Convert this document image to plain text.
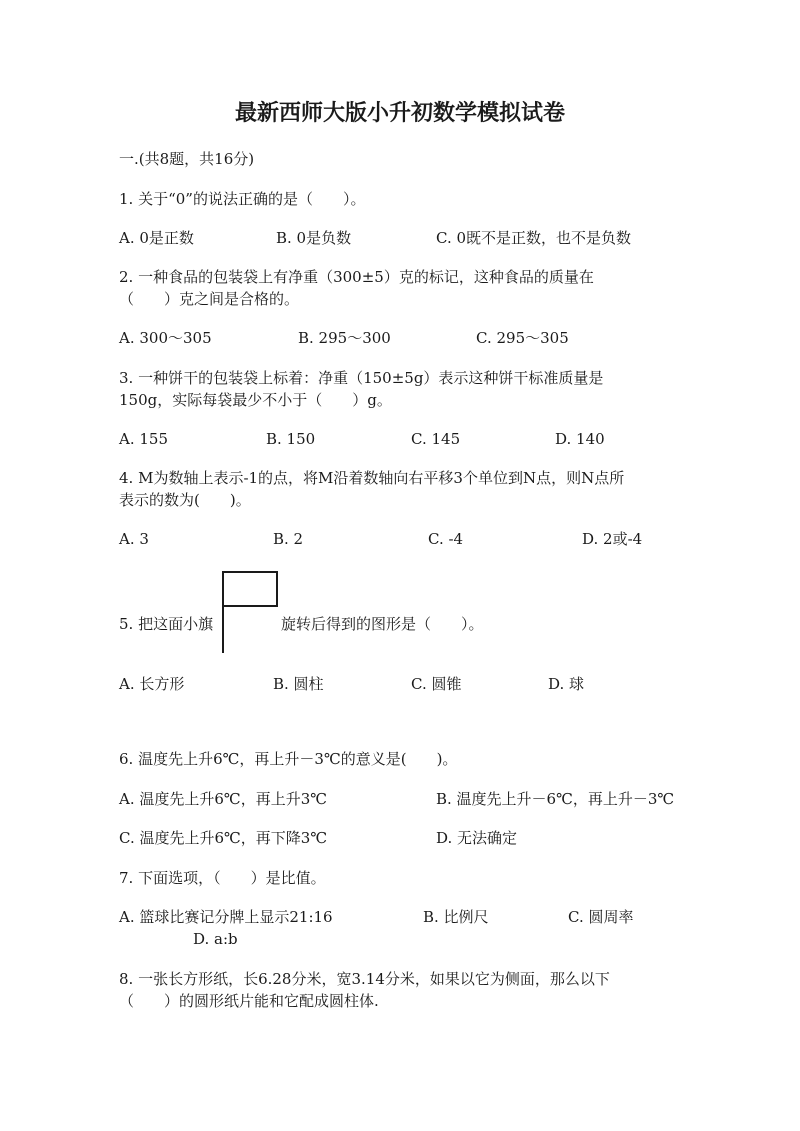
最新西师大版小升初数学模拟试卷
一.(共8题，共16分)
1. 关于“0”的说法正确的是（　　）。
A. 0是正数	B. 0是负数	C. 0既不是正数，也不是负数
2. 一种食品的包装袋上有净重（300±5）克的标记，这种食品的质量在
（　　）克之间是合格的。
A. 300～305	B. 295～300	C. 295～305
3. 一种饼干的包装袋上标着：净重（150±5g）表示这种饼干标准质量是
150g，实际每袋最少不小于（　　）g。
A. 155	B. 150	C. 145	D. 140
4. M为数轴上表示-1的点，将M沿着数轴向右平移3个单位到N点，则N点所
表示的数为(　　)。
A. 3	B. 2	C. -4	D. 2或-4
5. 把这面小旗	旋转后得到的图形是（　　）。
A. 长方形	B. 圆柱	C. 圆锥	D. 球
6. 温度先上升6℃，再上升－3℃的意义是(　　)。
A. 温度先上升6℃，再上升3℃	B. 温度先上升－6℃，再上升－3℃
C. 温度先上升6℃，再下降3℃	D. 无法确定
7. 下面选项，（　　）是比值。
A. 篮球比赛记分牌上显示21:16	B. 比例尺	C. 圆周率
D. a:b
8. 一张长方形纸，长6.28分米，宽3.14分米，如果以它为侧面，那么以下
（　　）的圆形纸片能和它配成圆柱体.
